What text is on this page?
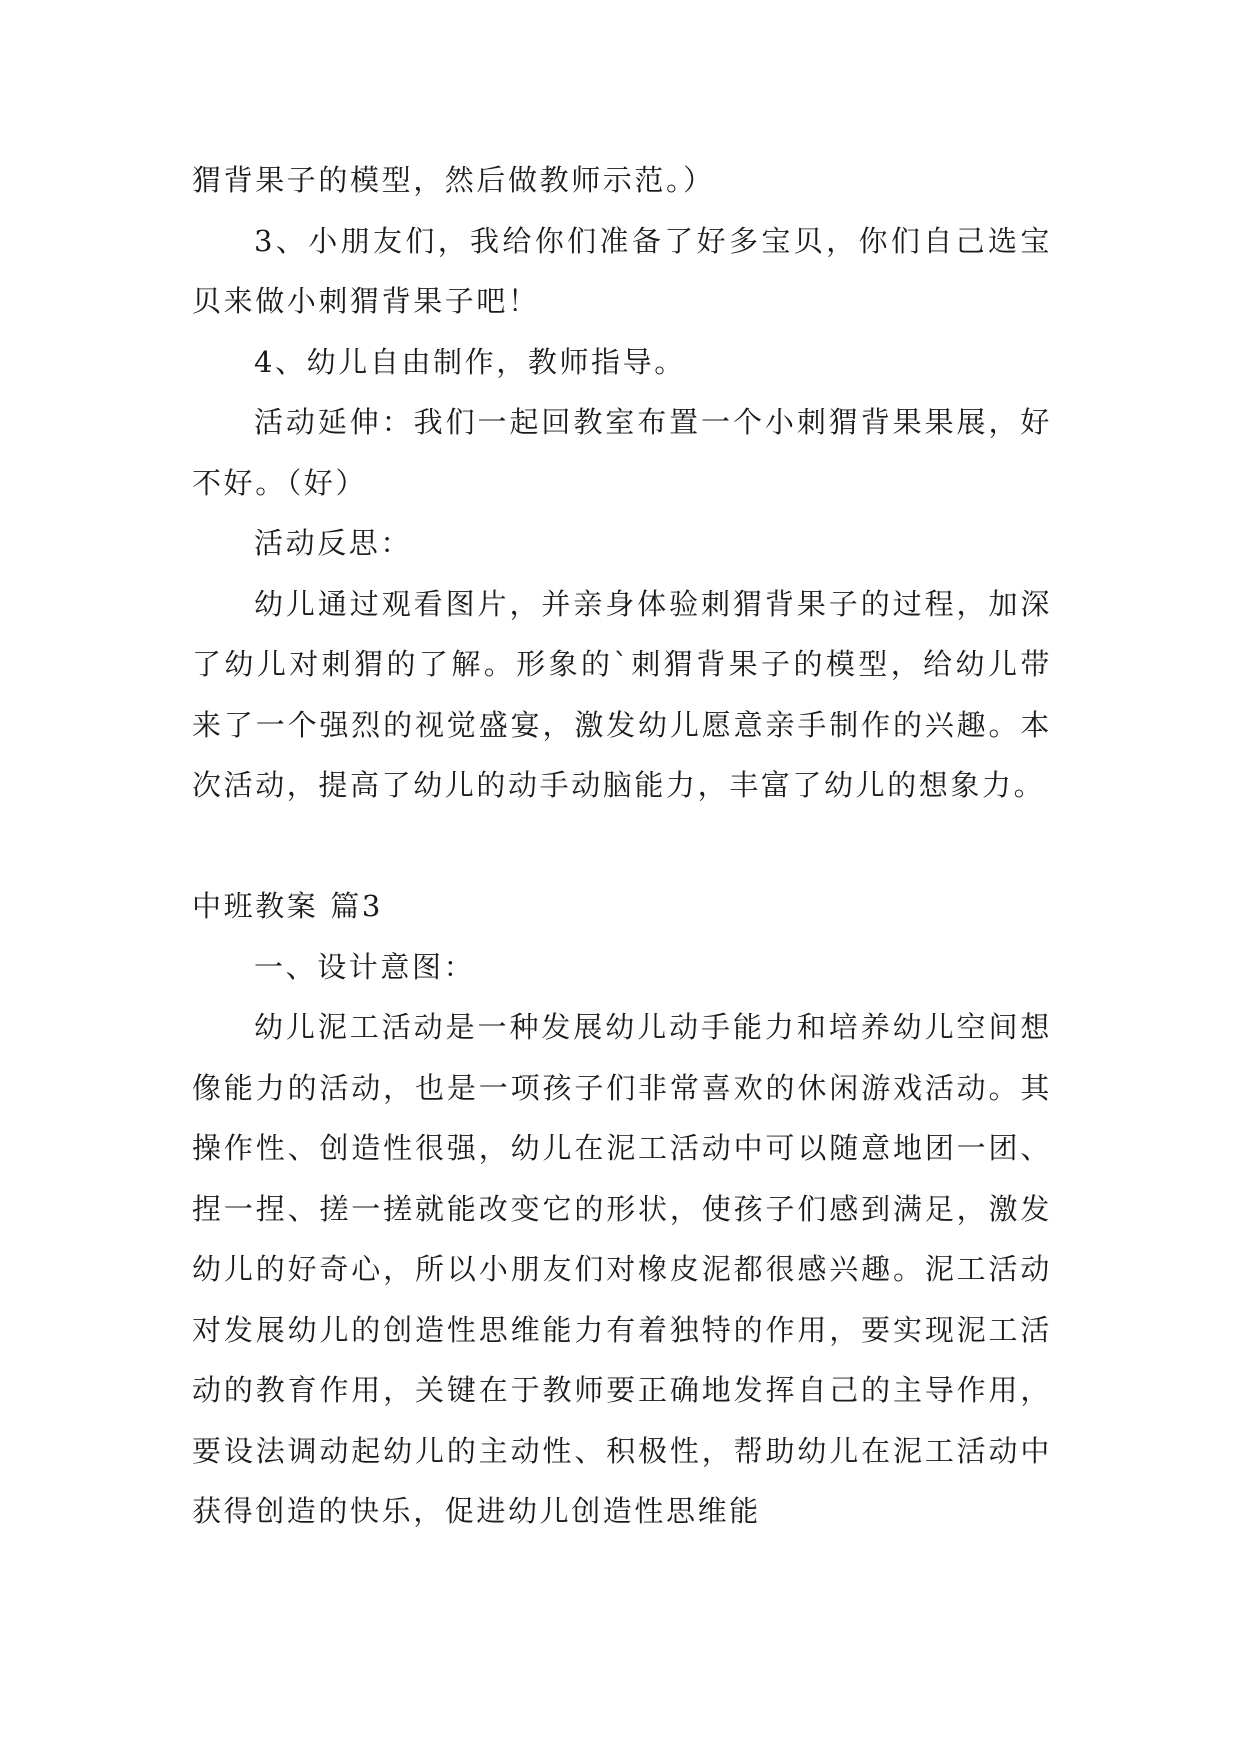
猬背果子的模型，然后做教师示范。）

3、小朋友们，我给你们准备了好多宝贝，你们自己选宝贝来做小刺猬背果子吧！

4、幼儿自由制作，教师指导。

活动延伸：我们一起回教室布置一个小刺猬背果果展，好不好。（好）

活动反思：

幼儿通过观看图片，并亲身体验刺猬背果子的过程，加深了幼儿对刺猬的了解。形象的`刺猬背果子的模型，给幼儿带来了一个强烈的视觉盛宴，激发幼儿愿意亲手制作的兴趣。本次活动，提高了幼儿的动手动脑能力，丰富了幼儿的想象力。

中班教案 篇3

一、设计意图：

幼儿泥工活动是一种发展幼儿动手能力和培养幼儿空间想像能力的活动，也是一项孩子们非常喜欢的休闲游戏活动。其操作性、创造性很强，幼儿在泥工活动中可以随意地团一团、捏一捏、搓一搓就能改变它的形状，使孩子们感到满足，激发幼儿的好奇心，所以小朋友们对橡皮泥都很感兴趣。泥工活动对发展幼儿的创造性思维能力有着独特的作用，要实现泥工活动的教育作用，关键在于教师要正确地发挥自己的主导作用，要设法调动起幼儿的主动性、积极性，帮助幼儿在泥工活动中获得创造的快乐，促进幼儿创造性思维能
